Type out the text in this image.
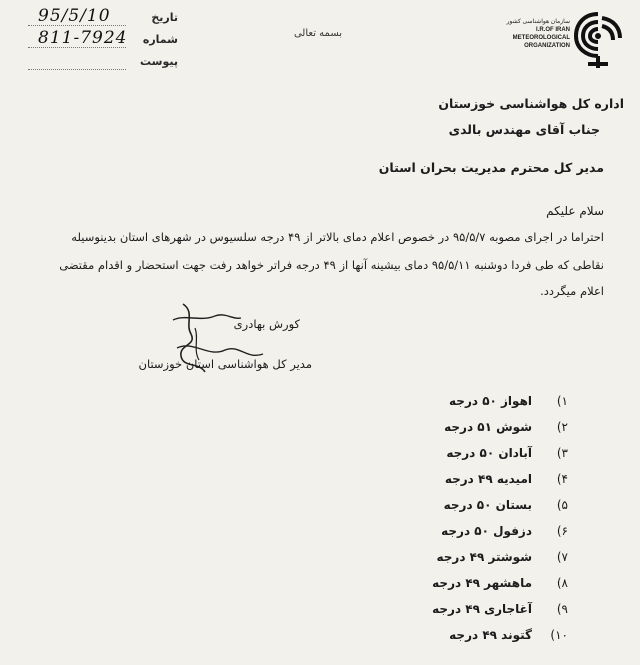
95/5/10	تاریخ
811-7924 شماره
پیوست
بسمه تعالی
سازمان هواشناسی کشور
I.R.OF IRAN METEOROLOGICAL ORGANIZATION
اداره کل هواشناسی خوزستان
جناب آقای مهندس بالدی
مدیر کل محترم مدیریت بحران استان
سلام علیکم
احتراما در اجرای مصوبه ۹۵/۵/۷ در خصوص اعلام دمای بالاتر از ۴۹ درجه سلسیوس در شهرهای استان بدینوسیله
نقاطی که طی فردا دوشنبه ۹۵/۵/۱۱ دمای بیشینه آنها از ۴۹ درجه فراتر خواهد رفت جهت استحضار و اقدام مقتضی
اعلام میگردد.
کورش بهادری
مدیر کل هواشناسی استان خوزستان
(۱
اهواز ۵۰ درجه
(۲
شوش ۵۱ درجه
(۳
آبادان ۵۰ درجه
(۴
امیدیه ۴۹ درجه
(۵
بستان ۵۰ درجه
(۶
دزفول ۵۰ درجه
(۷
شوشتر ۴۹ درجه
(۸
ماهشهر ۴۹ درجه
(۹
آغاجاری ۴۹ درجه
(۱۰
گتوند ۴۹ درجه
